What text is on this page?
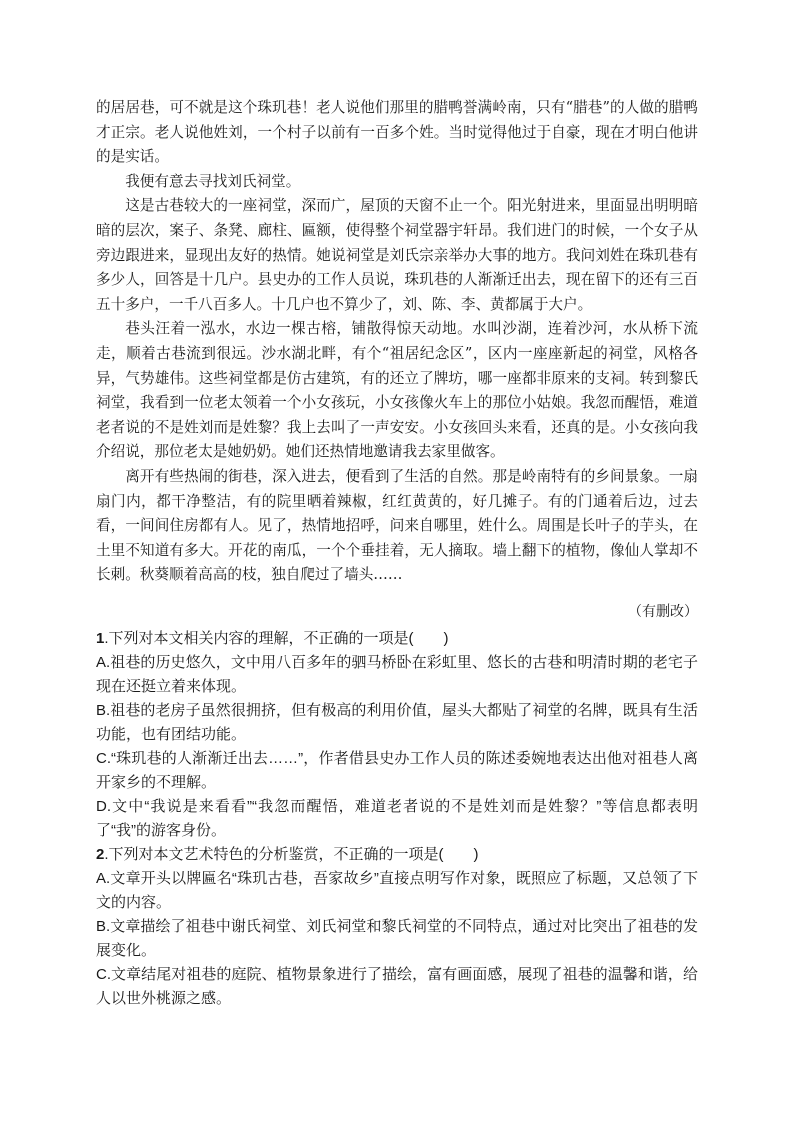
的居居巷，可不就是这个珠玑巷！老人说他们那里的腊鸭誉满岭南，只有“腊巷”的人做的腊鸭才正宗。老人说他姓刘，一个村子以前有一百多个姓。当时觉得他过于自豪，现在才明白他讲的是实话。

我便有意去寻找刘氏祠堂。

这是古巷较大的一座祠堂，深而广，屋顶的天窗不止一个。阳光射进来，里面显出明明暗暗的层次，案子、条凳、廊柱、匾额，使得整个祠堂器宇轩昂。我们进门的时候，一个女子从旁边跟进来，显现出友好的热情。她说祠堂是刘氏宗亲举办大事的地方。我问刘姓在珠玑巷有多少人，回答是十几户。县史办的工作人员说，珠玑巷的人渐渐迁出去，现在留下的还有三百五十多户，一千八百多人。十几户也不算少了，刘、陈、李、黄都属于大户。

巷头汪着一泓水，水边一棵古榕，铺散得惊天动地。水叫沙湖，连着沙河，水从桥下流走，顺着古巷流到很远。沙水湖北畔，有个“祖居纪念区”，区内一座座新起的祠堂，风格各异，气势雄伟。这些祠堂都是仿古建筑，有的还立了牌坊，哪一座都非原来的支祠。转到黎氏祠堂，我看到一位老太领着一个小女孩玩，小女孩像火车上的那位小姑娘。我忽而醒悟，难道老者说的不是姓刘而是姓黎？我上去叫了一声安安。小女孩回头来看，还真的是。小女孩向我介绍说，那位老太是她奶奶。她们还热情地邀请我去家里做客。

离开有些热闹的街巷，深入进去，便看到了生活的自然。那是岭南特有的乡间景象。一扇扇门内，都干净整洁，有的院里晒着辣椒，红红黄黄的，好几摊子。有的门通着后边，过去看，一间间住房都有人。见了，热情地招呼，问来自哪里，姓什么。周围是长叶子的芋头，在土里不知道有多大。开花的南瓜，一个个垂挂着，无人摘取。墙上翻下的植物，像仙人掌却不长刺。秋葵顺着高高的枝，独自爬过了墙头……

（有删改）

1.下列对本文相关内容的理解，不正确的一项是(　　)

A.祖巷的历史悠久，文中用八百多年的驷马桥卧在彩虹里、悠长的古巷和明清时期的老宅子现在还挺立着来体现。

B.祖巷的老房子虽然很拥挤，但有极高的利用价值，屋头大都贴了祠堂的名牌，既具有生活功能，也有团结功能。

C.“珠玑巷的人渐渐迁出去……”，作者借县史办工作人员的陈述委婉地表达出他对祖巷人离开家乡的不理解。

D.文中“我说是来看看”“我忽而醒悟，难道老者说的不是姓刘而是姓黎？”等信息都表明了“我”的游客身份。

2.下列对本文艺术特色的分析鉴赏，不正确的一项是(　　)

A.文章开头以牌匾名“珠玑古巷，吾家故乡”直接点明写作对象，既照应了标题，又总领了下文的内容。

B.文章描绘了祖巷中谢氏祠堂、刘氏祠堂和黎氏祠堂的不同特点，通过对比突出了祖巷的发展变化。

C.文章结尾对祖巷的庭院、植物景象进行了描绘，富有画面感，展现了祖巷的温馨和谐，给人以世外桃源之感。
